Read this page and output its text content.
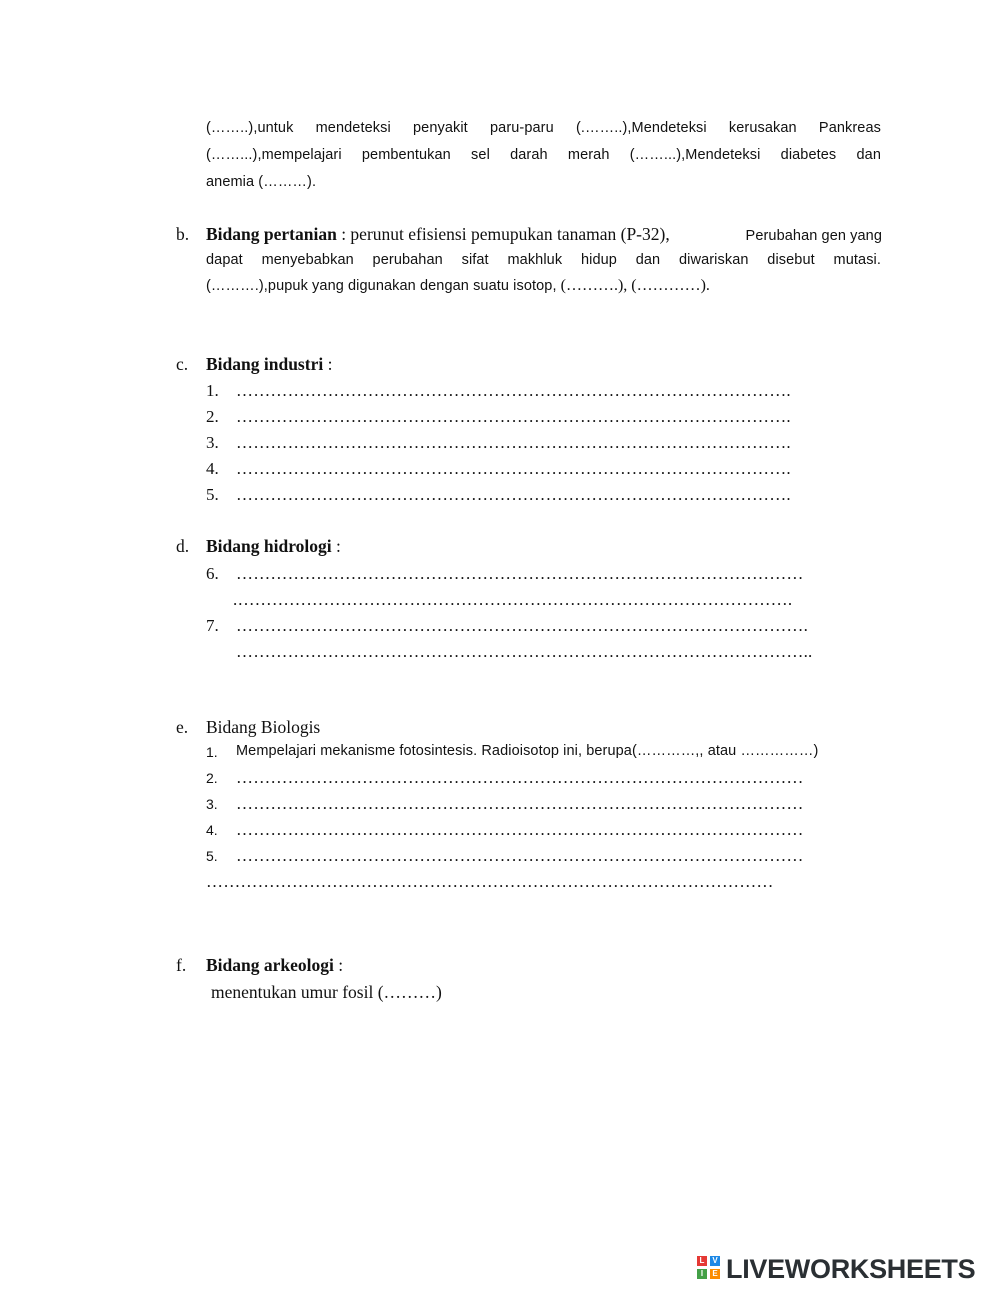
(……..),untuk mendeteksi penyakit paru-paru (.……..),Mendeteksi kerusakan Pankreas
(……...),mempelajari pembentukan sel darah merah (……...),Mendeteksi diabetes dan
anemia (………).
b. Bidang pertanian : perunut efisiensi pemupukan tanaman (P-32),	Perubahan gen yang
dapat menyebabkan perubahan sifat makhluk hidup dan diwariskan disebut mutasi.
(……….),pupuk yang digunakan dengan suatu isotop, (……….), (…………).
c. Bidang industri :
1. …………………………………………………………………………………….
2. …………………………………………………………………………………….
3. …………………………………………………………………………………….
4. …………………………………………………………………………………….
5. …………………………………………………………………………………….
d. Bidang hidrologi :
6. ………………………………………………………………………………………
.…………………………………………………………………………………….
7. ……………………………………………………………………………………….
………………………………………………………………………………………..
e. Bidang Biologis
1. Mempelajari mekanisme fotosintesis. Radioisotop ini, berupa(…………,, atau ……………)
2. ………………………………………………………………………………………
3. ………………………………………………………………………………………
4. ………………………………………………………………………………………
5. ………………………………………………………………………………………
………………………………………………………………………………………
f. Bidang arkeologi :
menentukan umur fosil (………)
L
I
V
E LIVEWORKSHEETS
